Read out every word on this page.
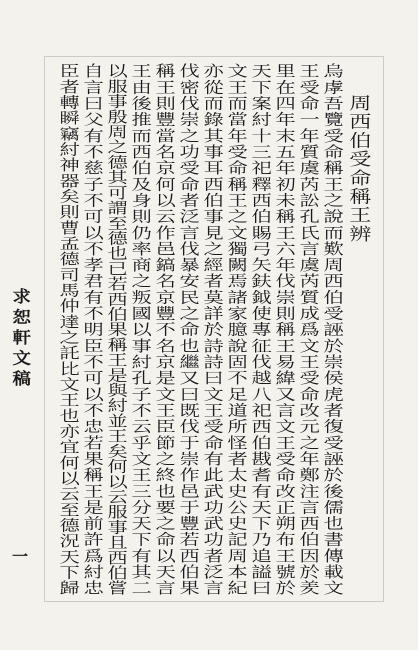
周西伯受命稱王辨
烏虖吾覽受命稱王之說而歎周西伯受誣於崇侯虎者復受誣於後儒也書傳載文
王受命一年質虞芮訟孔氏言虞芮質成爲文王受命改元之年鄭注言西伯因於羑
里在四年末五年初未稱王六年伐崇則稱王易緯又言文王受命改正朔布王號於
天下案紂十三祀釋西伯賜弓矢鈇鉞使專征伐越八祀西伯戡耆有天下乃追謚曰
文王而當年受命稱王之文獨闕焉諸家臆說固不足道所怪者太史公史記周本紀
亦從而錄其事耳西伯事見之經者莫詳於詩詩曰文王受命有此武功武功者泛言
伐密伐崇之功受命者泛言伐暴安民之命也繼又曰既伐于崇作邑于豐若西伯果
稱王則豐當名京何以云作邑鎬名京豐不名京是文王臣節之終也要之命以天言
王由後推而西伯及身則仍率商之叛國以事紂孔子不云乎文王三分天下有其二
以服事殷周之德其可謂至德也已若西伯果稱王是與紂並王矣何以云服事且西伯嘗
自言曰父有不慈子不可以不孝君有不明臣不可以不忠若果稱王是前許爲紂忠
臣者轉瞬竊紂神器矣則曹孟德司馬仲達之託比文王也亦宜何以云至德況天下歸
求恕軒文稿
一
